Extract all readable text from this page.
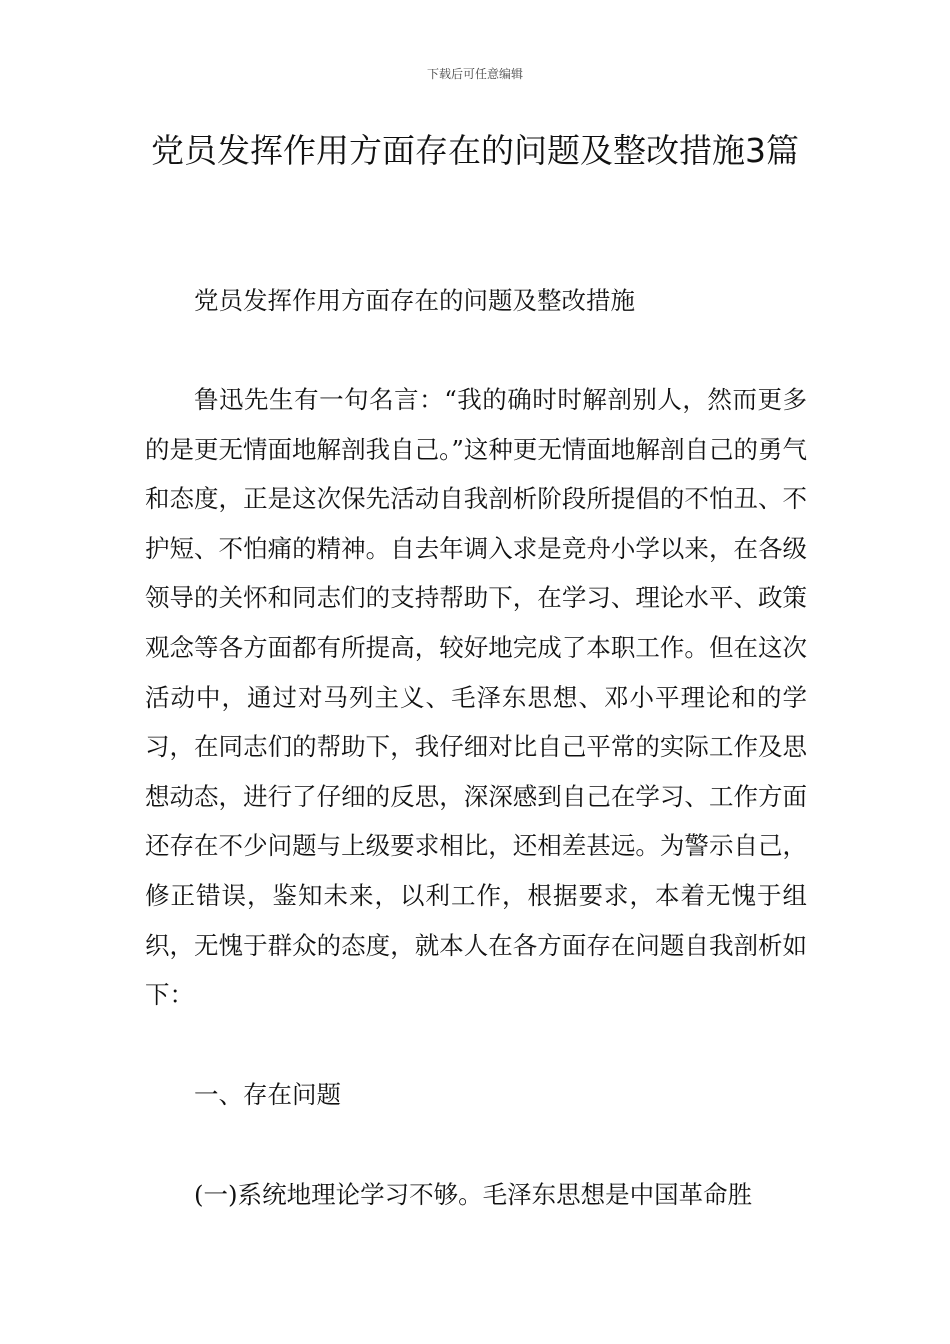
下载后可任意编辑
党员发挥作用方面存在的问题及整改措施3篇

党员发挥作用方面存在的问题及整改措施

鲁迅先生有一句名言：“我的确时时解剖别人，然而更多的是更无情面地解剖我自己。”这种更无情面地解剖自己的勇气和态度，正是这次保先活动自我剖析阶段所提倡的不怕丑、不护短、不怕痛的精神。自去年调入求是竞舟小学以来，在各级领导的关怀和同志们的支持帮助下，在学习、理论水平、政策观念等各方面都有所提高，较好地完成了本职工作。但在这次活动中，通过对马列主义、毛泽东思想、邓小平理论和的学习，在同志们的帮助下，我仔细对比自己平常的实际工作及思想动态，进行了仔细的反思，深深感到自己在学习、工作方面还存在不少问题与上级要求相比，还相差甚远。为警示自己，修正错误，鉴知未来，以利工作，根据要求，本着无愧于组织，无愧于群众的态度，就本人在各方面存在问题自我剖析如下：

一、存在问题

(一)系统地理论学习不够。毛泽东思想是中国革命胜
